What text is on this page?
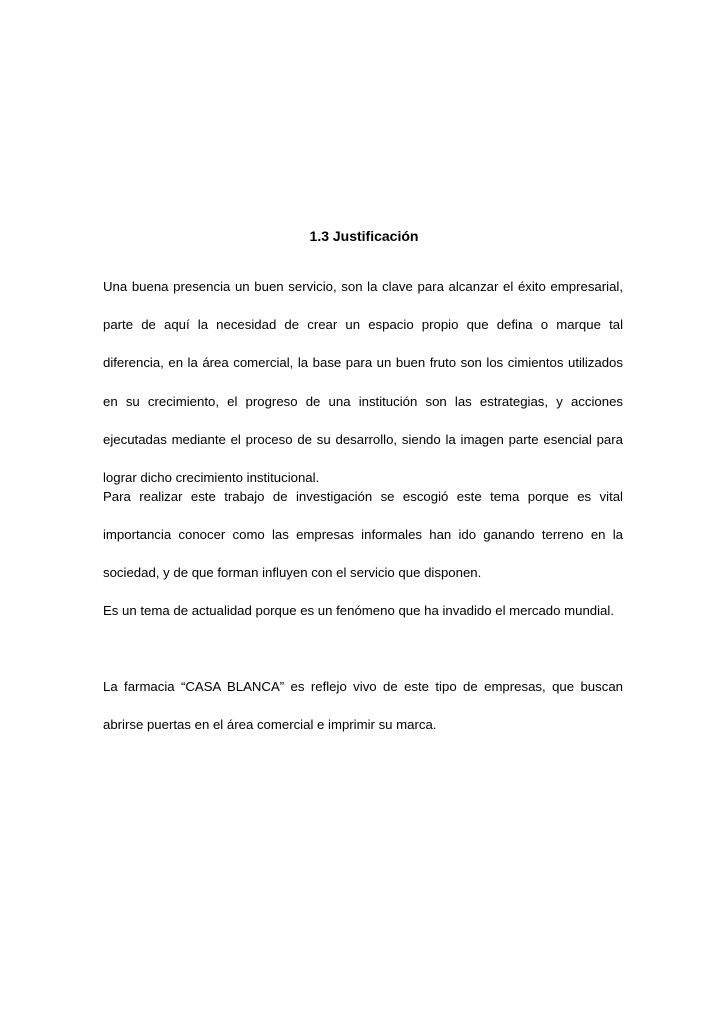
1.3 Justificación

Una buena presencia un buen servicio, son la clave para alcanzar el éxito empresarial, parte de aquí la necesidad de crear un espacio propio que defina o marque tal diferencia, en la área comercial, la base para un buen fruto son los cimientos utilizados en su crecimiento, el progreso de una institución son las estrategias, y acciones ejecutadas mediante el proceso de su desarrollo, siendo la imagen parte esencial para lograr dicho crecimiento institucional.

Para realizar este trabajo de investigación se escogió este tema porque es vital importancia conocer como las empresas informales han ido ganando terreno en la sociedad, y de que forman influyen con el servicio que disponen.

Es un tema de actualidad porque es un fenómeno que ha invadido el mercado mundial.

La farmacia “CASA BLANCA” es reflejo vivo de este tipo de empresas, que buscan abrirse puertas en el área comercial e imprimir su marca.
